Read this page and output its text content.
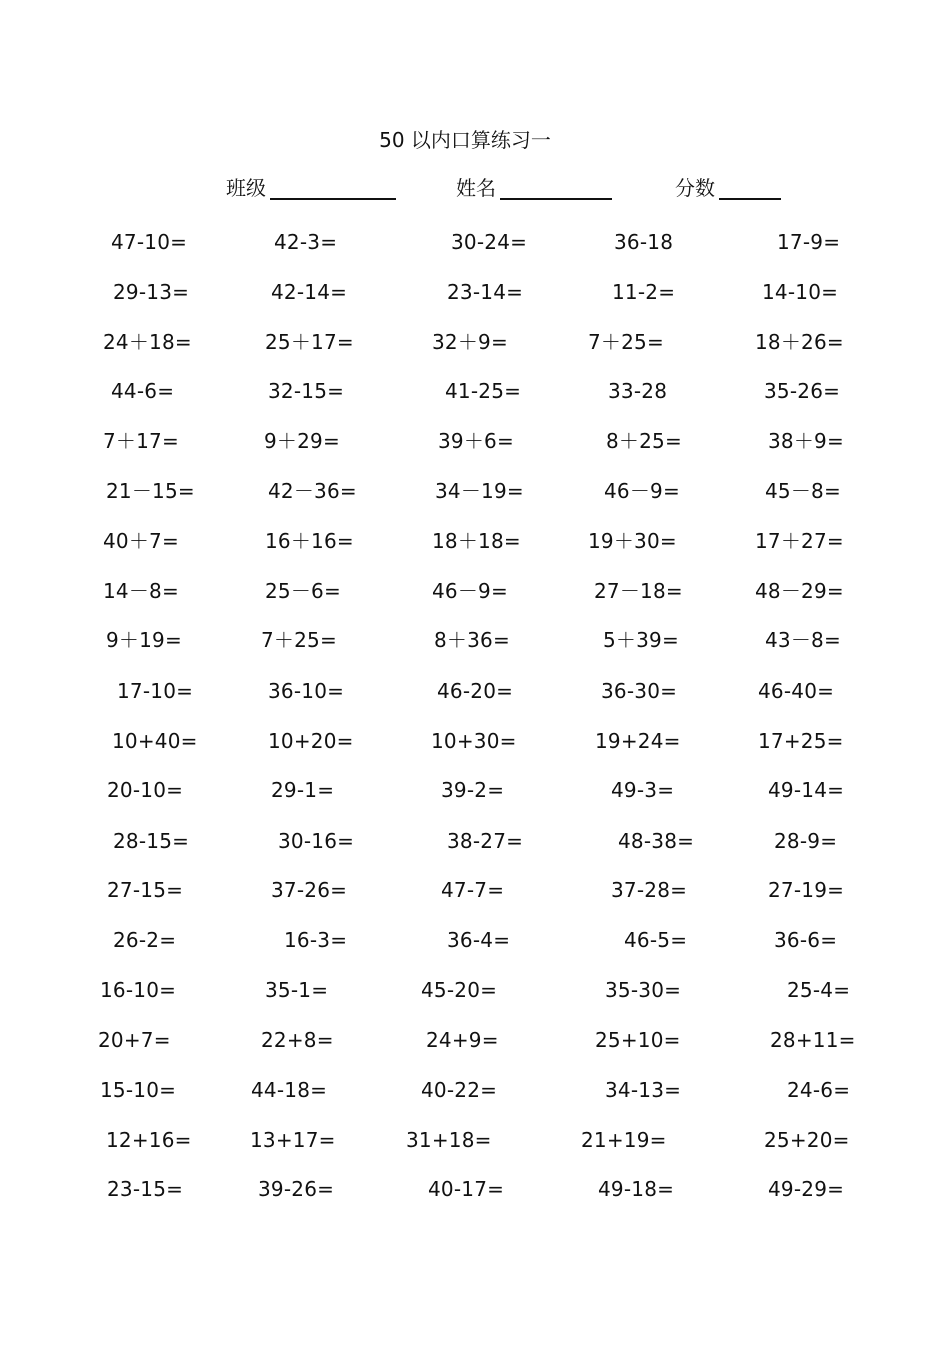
50 以内口算练习一
班级	姓名	分数
47-10=	42-3=	30-24=	36-18	17-9=
29-13=	42-14=	23-14=	11-2=	14-10=
24＋18=	25＋17=	32＋9=	7＋25=	18＋26=
44-6=	32-15=	41-25=	33-28	35-26=
7＋17=	9＋29=	39＋6=	8＋25=	38＋9=
21－15=	42－36=	34－19=	46－9=	45－8=
40＋7=	16＋16=	18＋18=	19＋30=	17＋27=
14－8=	25－6=	46－9=	27－18=	48－29=
9＋19=	7＋25=	8＋36=	5＋39=	43－8=
17-10=	36-10=	46-20=	36-30=	46-40=
10+40=	10+20=	10+30=	19+24=	17+25=
20-10=	29-1=	39-2=	49-3=	49-14=
28-15=	30-16=	38-27=	48-38=	28-9=
27-15=	37-26=	47-7=	37-28=	27-19=
26-2=	16-3=	36-4=	46-5=	36-6=
16-10=	35-1=	45-20=	35-30=	25-4=
20+7=	22+8=	24+9=	25+10=	28+11=
15-10=	44-18=	40-22=	34-13=	24-6=
12+16=	13+17=	31+18=	21+19=	25+20=
23-15=	39-26=	40-17=	49-18=	49-29=
